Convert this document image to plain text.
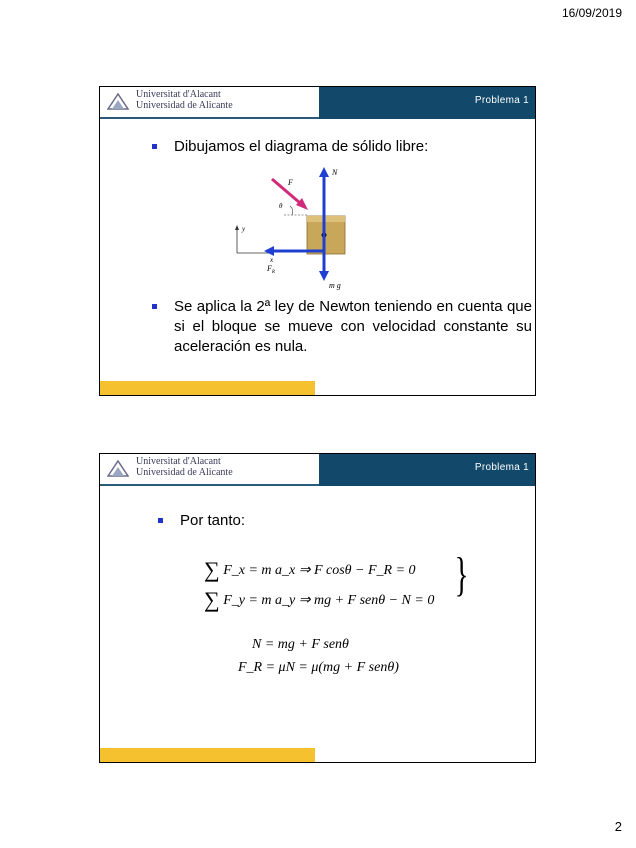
16/09/2019
Universitat d'Alacant
Universidad de Alicante	Problema 1
Dibujamos el diagrama de sólido libre:
y
x
N
m g
$F_R$
F
θ
Se aplica la 2ª ley de Newton teniendo en cuenta que si el bloque se mueve con velocidad constante su aceleración es nula.
Universitat d'Alacant
Universidad de Alicante	Problema 1
Por tanto:
∑ F_x = m a_x ⇒ F cosθ − F_R = 0
∑ F_y = m a_y ⇒ mg + F senθ − N = 0 }
N = mg + F senθ
F_R = μN = μ(mg + F senθ)
2
